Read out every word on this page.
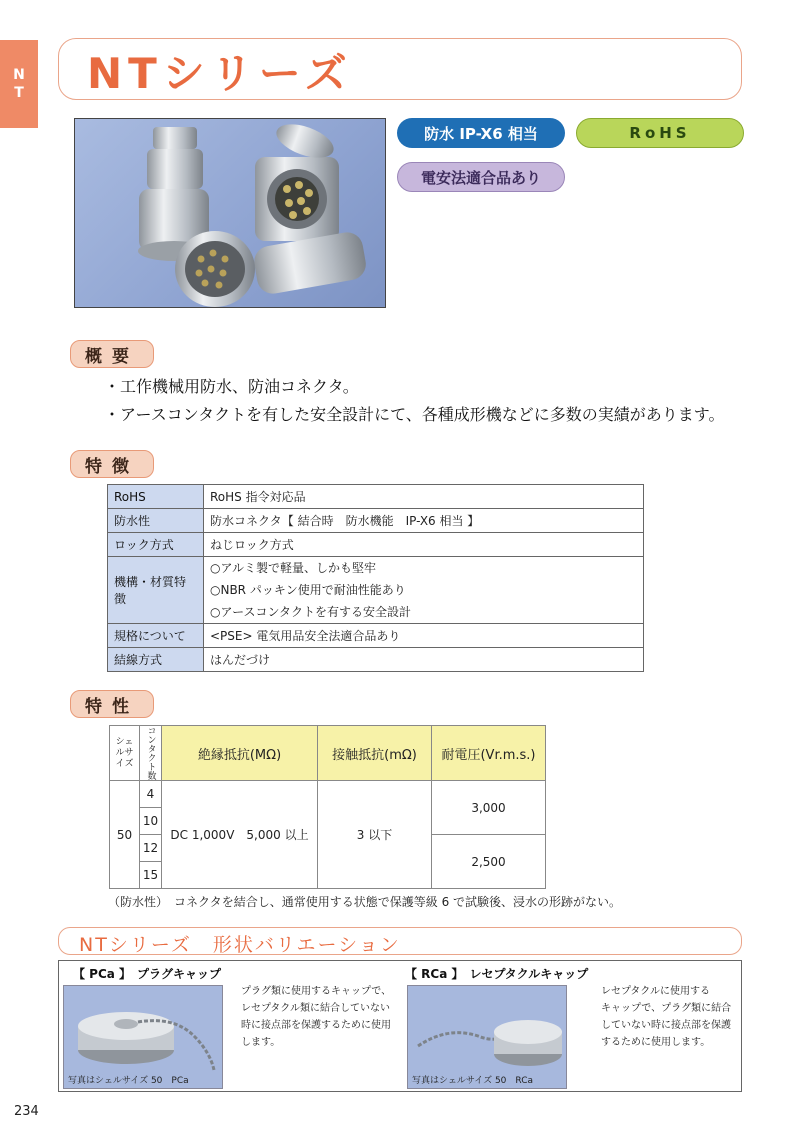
N
T NTシリーズ
防水 IP-X6 相当	RoHS
電安法適合品あり
概要
・工作機械用防水、防油コネクタ。
・アースコンタクトを有した安全設計にて、各種成形機などに多数の実績があります。
特徴
RoHS	RoHS 指令対応品
防水性	防水コネクタ【 結合時　防水機能　IP-X6 相当 】
ロック方式	ねじロック方式
機構・材質特徴	○アルミ製で軽量、しかも堅牢
○NBR パッキン使用で耐油性能あり
○アースコンタクトを有する安全設計

規格について	<PSE> 電気用品安全法適合品あり
結線方式	はんだづけ
特性
シェルサイズ	コンタクト数	絶縁抵抗(MΩ)	接触抵抗(mΩ)	耐電圧(Vr.m.s.)
50	4	DC 1,000V　5,000 以上	3 以下	3,000
	10			
	12			2,500
	15			
（防水性）　コネクタを結合し、通常使用する状態で保護等級 6 で試験後、浸水の形跡がない。
NTシリーズ　形状バリエーション
【 PCa 】　プラグキャップ
写真はシェルサイズ 50　PCa
プラグ類に使用するキャップで、
レセプタクル類に結合していない
時に接点部を保護するために使用
します。
【 RCa 】　レセプタクルキャップ
写真はシェルサイズ 50　RCa
レセプタクルに使用する
キャップで、プラグ類に結合
していない時に接点部を保護
するために使用します。
234
